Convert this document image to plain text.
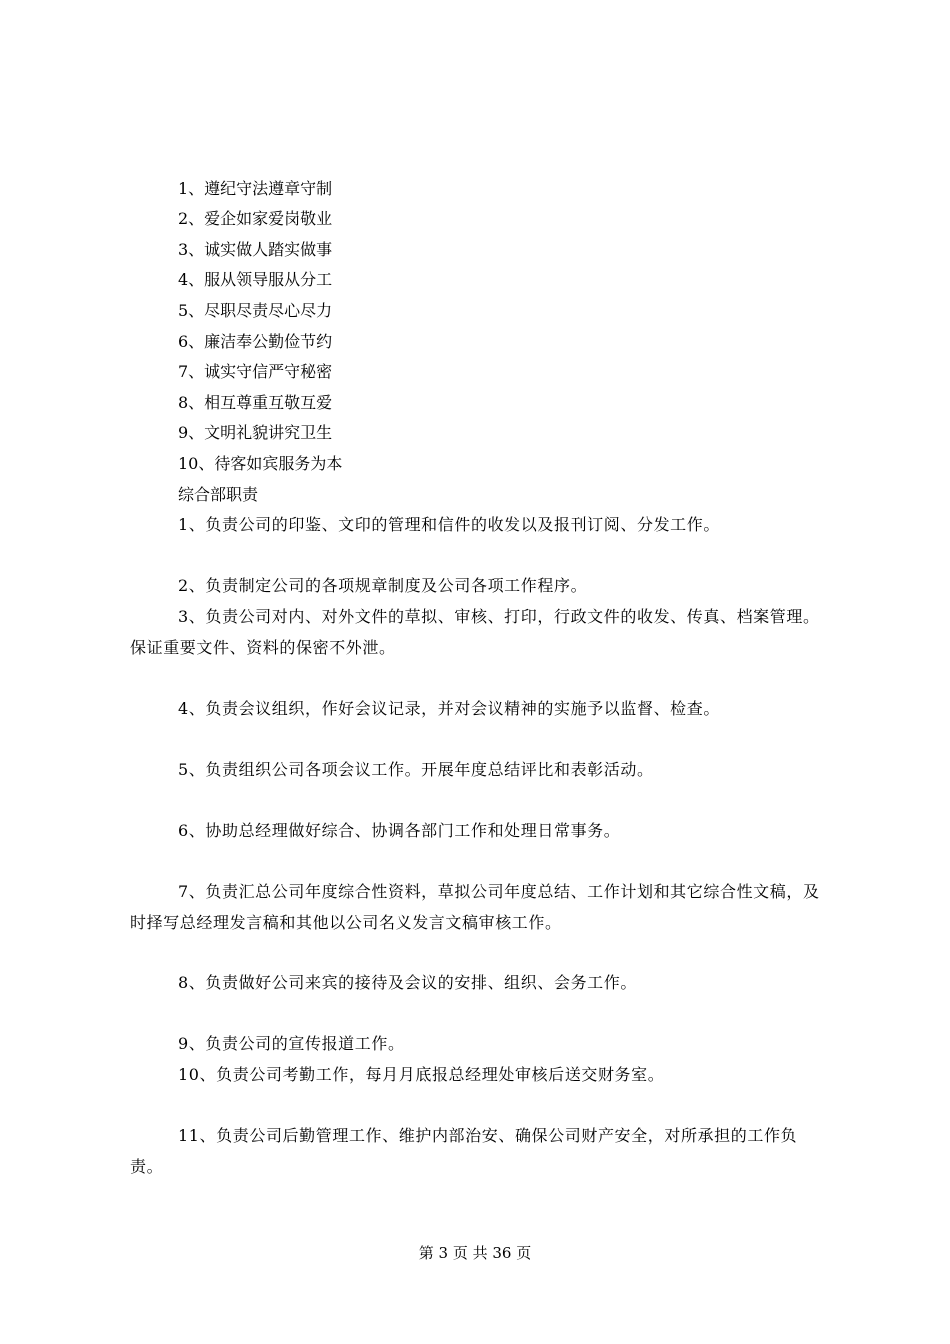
1、遵纪守法遵章守制
2、爱企如家爱岗敬业
3、诚实做人踏实做事
4、服从领导服从分工
5、尽职尽责尽心尽力
6、廉洁奉公勤俭节约
7、诚实守信严守秘密
8、相互尊重互敬互爱
9、文明礼貌讲究卫生
10、待客如宾服务为本
综合部职责
1、负责公司的印鉴、文印的管理和信件的收发以及报刊订阅、分发工作。
2、负责制定公司的各项规章制度及公司各项工作程序。
3、负责公司对内、对外文件的草拟、审核、打印，行政文件的收发、传真、档案管理。保证重要文件、资料的保密不外泄。
4、负责会议组织，作好会议记录，并对会议精神的实施予以监督、检查。
5、负责组织公司各项会议工作。开展年度总结评比和表彰活动。
6、协助总经理做好综合、协调各部门工作和处理日常事务。
7、负责汇总公司年度综合性资料，草拟公司年度总结、工作计划和其它综合性文稿，及时择写总经理发言稿和其他以公司名义发言文稿审核工作。
8、负责做好公司来宾的接待及会议的安排、组织、会务工作。
9、负责公司的宣传报道工作。
10、负责公司考勤工作，每月月底报总经理处审核后送交财务室。
11、负责公司后勤管理工作、维护内部治安、确保公司财产安全，对所承担的工作负责。
第 3 页 共 36 页
